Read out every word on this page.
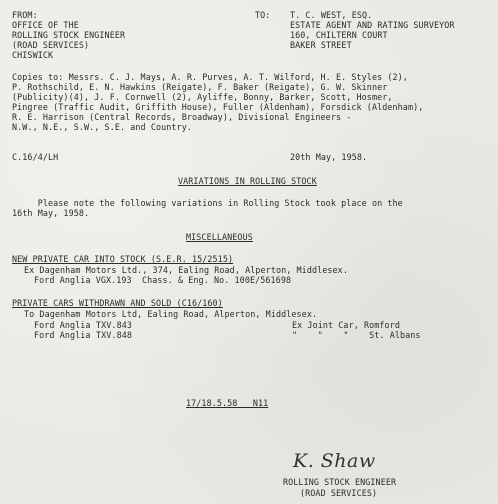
FROM:
OFFICE OF THE
ROLLING STOCK ENGINEER
(ROAD SERVICES)
CHISWICK
TO: T. C. WEST, ESQ.
ESTATE AGENT AND RATING SURVEYOR
160, CHILTERN COURT
BAKER STREET
Copies to: Messrs. C. J. Mays, A. R. Purves, A. T. Wilford, H. E. Styles (2),
P. Rothschild, E. N. Hawkins (Reigate), F. Baker (Reigate), G. W. Skinner
(Publicity)(4), J. F. Cornwell (2), Ayliffe, Bonny, Barker, Scott, Hosmer,
Pingree (Traffic Audit, Griffith House), Fuller (Aldenham), Forsdick (Aldenham),
R. E. Harrison (Central Records, Broadway), Divisional Engineers -
N.W., N.E., S.W., S.E. and Country.
C.16/4/LH	20th May, 1958.
VARIATIONS IN ROLLING STOCK
Please note the following variations in Rolling Stock took place on the
16th May, 1958.
MISCELLANEOUS
NEW PRIVATE CAR INTO STOCK (S.E.R. 15/2515)
Ex Dagenham Motors Ltd., 374, Ealing Road, Alperton, Middlesex.
Ford Anglia VGX.193  Chass. & Eng. No. 100E/561698
PRIVATE CARS WITHDRAWN AND SOLD (C16/160)
To Dagenham Motors Ltd, Ealing Road, Alperton, Middlesex.
Ford Anglia TXV.843	Ex Joint Car, Romford
Ford Anglia TXV.848	"    "    "    St. Albans
17/18.5.58   N11
K. Shaw
ROLLING STOCK ENGINEER
(ROAD SERVICES)
